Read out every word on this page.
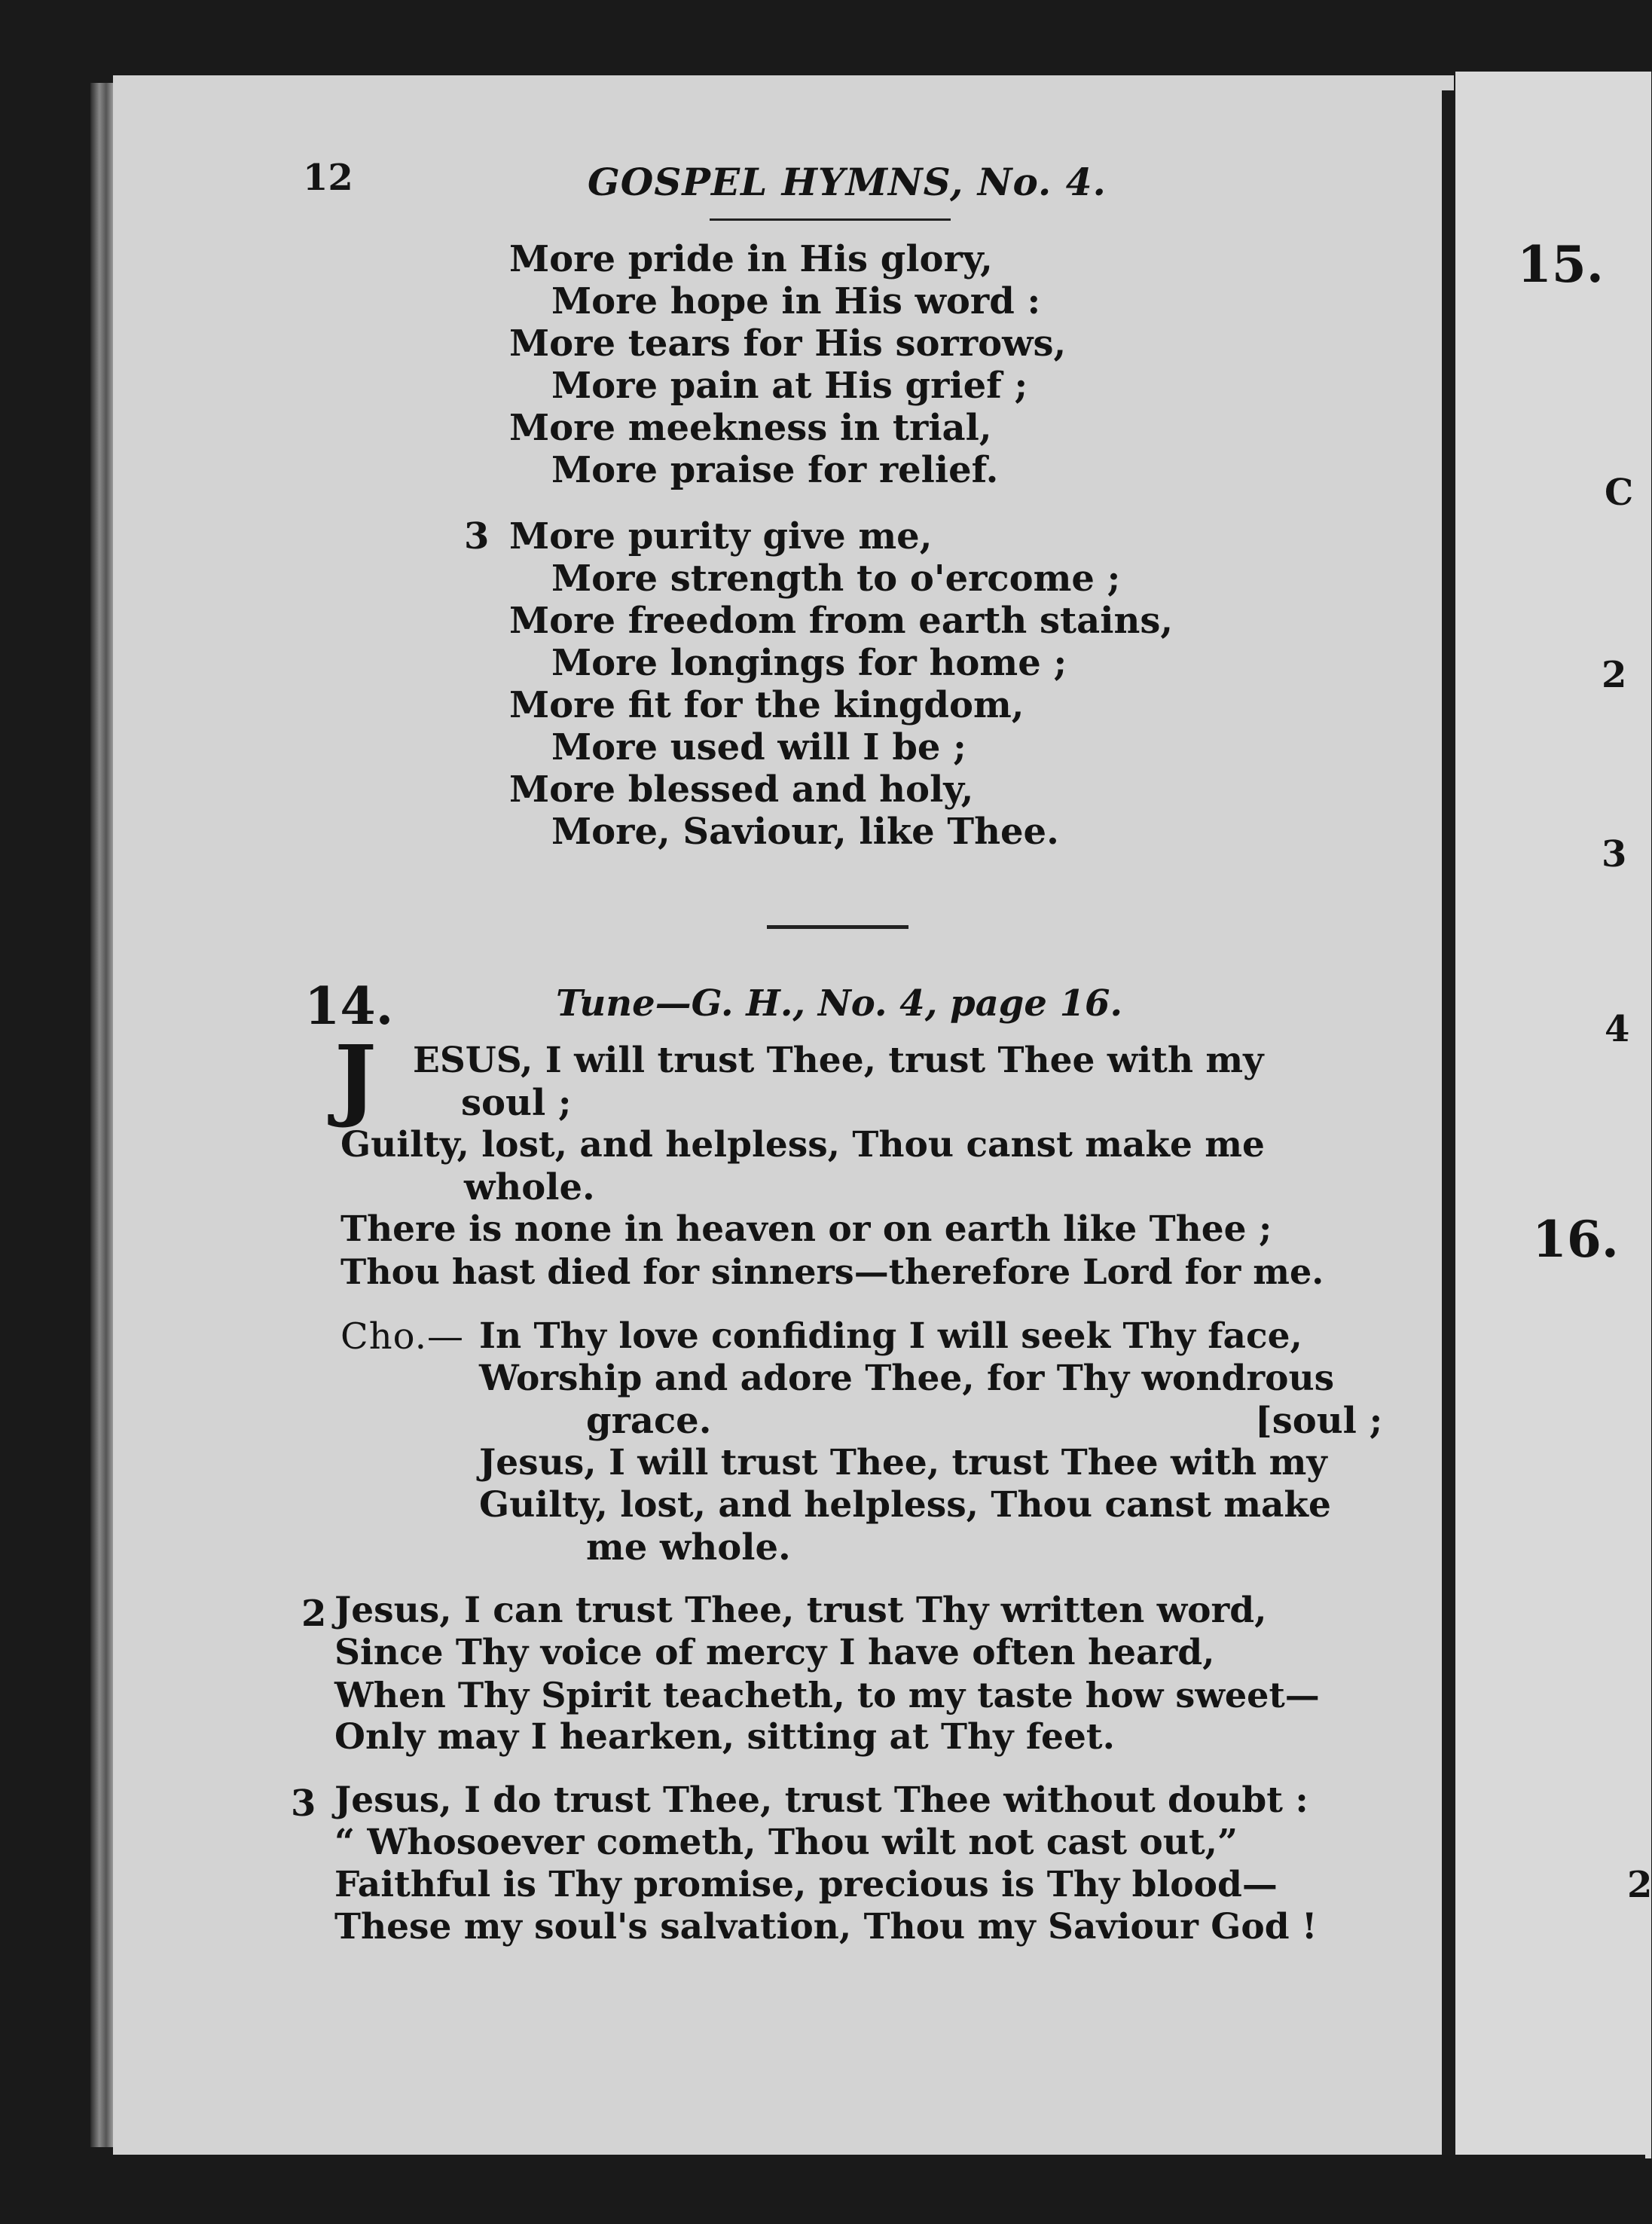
12	GOSPEL HYMNS, No. 4.
More pride in His glory,
More hope in His word :
More tears for His sorrows,
More pain at His grief ;
More meekness in trial,
More praise for relief.
3 More purity give me,
More strength to o'ercome ;
More freedom from earth stains,
More longings for home ;
More fit for the kingdom,
More used will I be ;
More blessed and holy,
More, Saviour, like Thee.
14.	Tune—G. H., No. 4, page 16.
J ESUS, I will trust Thee, trust Thee with my
soul ;
Guilty, lost, and helpless, Thou canst make me
whole.
There is none in heaven or on earth like Thee ;
Thou hast died for sinners—therefore Lord for me.
Cho.— In Thy love confiding I will seek Thy face,
Worship and adore Thee, for Thy wondrous
grace.	[soul ;
Jesus, I will trust Thee, trust Thee with my
Guilty, lost, and helpless, Thou canst make
me whole.
2 Jesus, I can trust Thee, trust Thy written word,
Since Thy voice of mercy I have often heard,
When Thy Spirit teacheth, to my taste how sweet—
Only may I hearken, sitting at Thy feet.
3 Jesus, I do trust Thee, trust Thee without doubt :
“ Whosoever cometh, Thou wilt not cast out,”
Faithful is Thy promise, precious is Thy blood—
These my soul's salvation, Thou my Saviour God !
15.
C
2
3
4
16.
2
